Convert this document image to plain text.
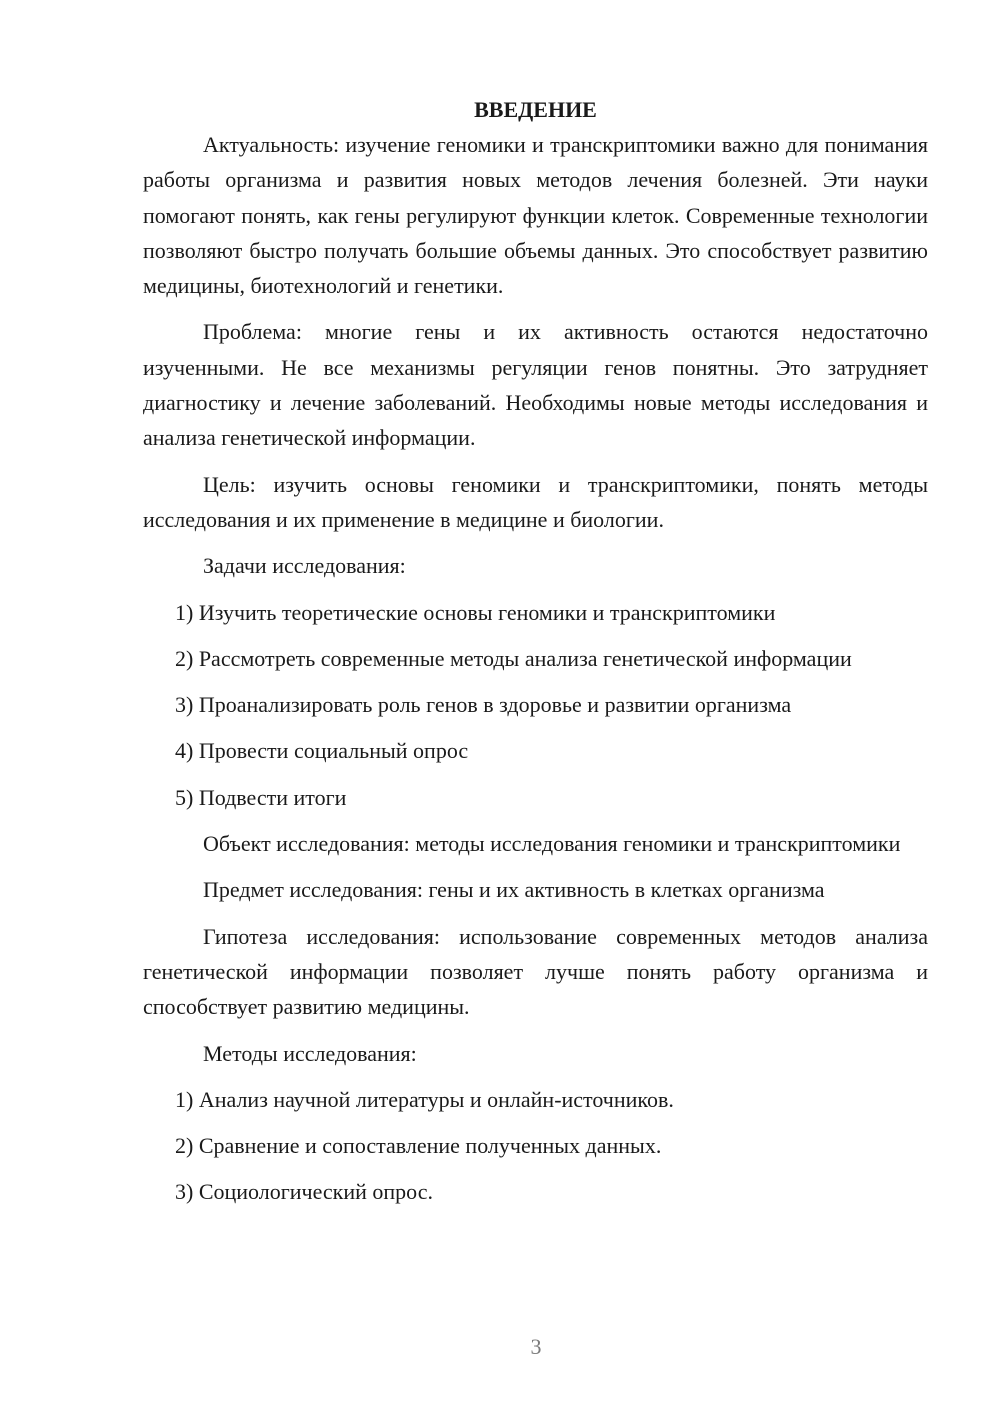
ВВЕДЕНИЕ

Актуальность: изучение геномики и транскриптомики важно для понимания работы организма и развития новых методов лечения болезней. Эти науки помогают понять, как гены регулируют функции клеток. Современные технологии позволяют быстро получать большие объемы данных. Это способствует развитию медицины, биотехнологий и генетики.

Проблема: многие гены и их активность остаются недостаточно изученными. Не все механизмы регуляции генов понятны. Это затрудняет диагностику и лечение заболеваний. Необходимы новые методы исследования и анализа генетической информации.

Цель: изучить основы геномики и транскриптомики, понять методы исследования и их применение в медицине и биологии.

Задачи исследования:

1) Изучить теоретические основы геномики и транскриптомики

2) Рассмотреть современные методы анализа генетической информации

3) Проанализировать роль генов в здоровье и развитии организма

4) Провести социальный опрос

5) Подвести итоги

Объект исследования: методы исследования геномики и транскриптомики

Предмет исследования: гены и их активность в клетках организма

Гипотеза исследования: использование современных методов анализа генетической информации позволяет лучше понять работу организма и способствует развитию медицины.

Методы исследования:

1) Анализ научной литературы и онлайн-источников.

2) Сравнение и сопоставление полученных данных.

3) Социологический опрос.

3
